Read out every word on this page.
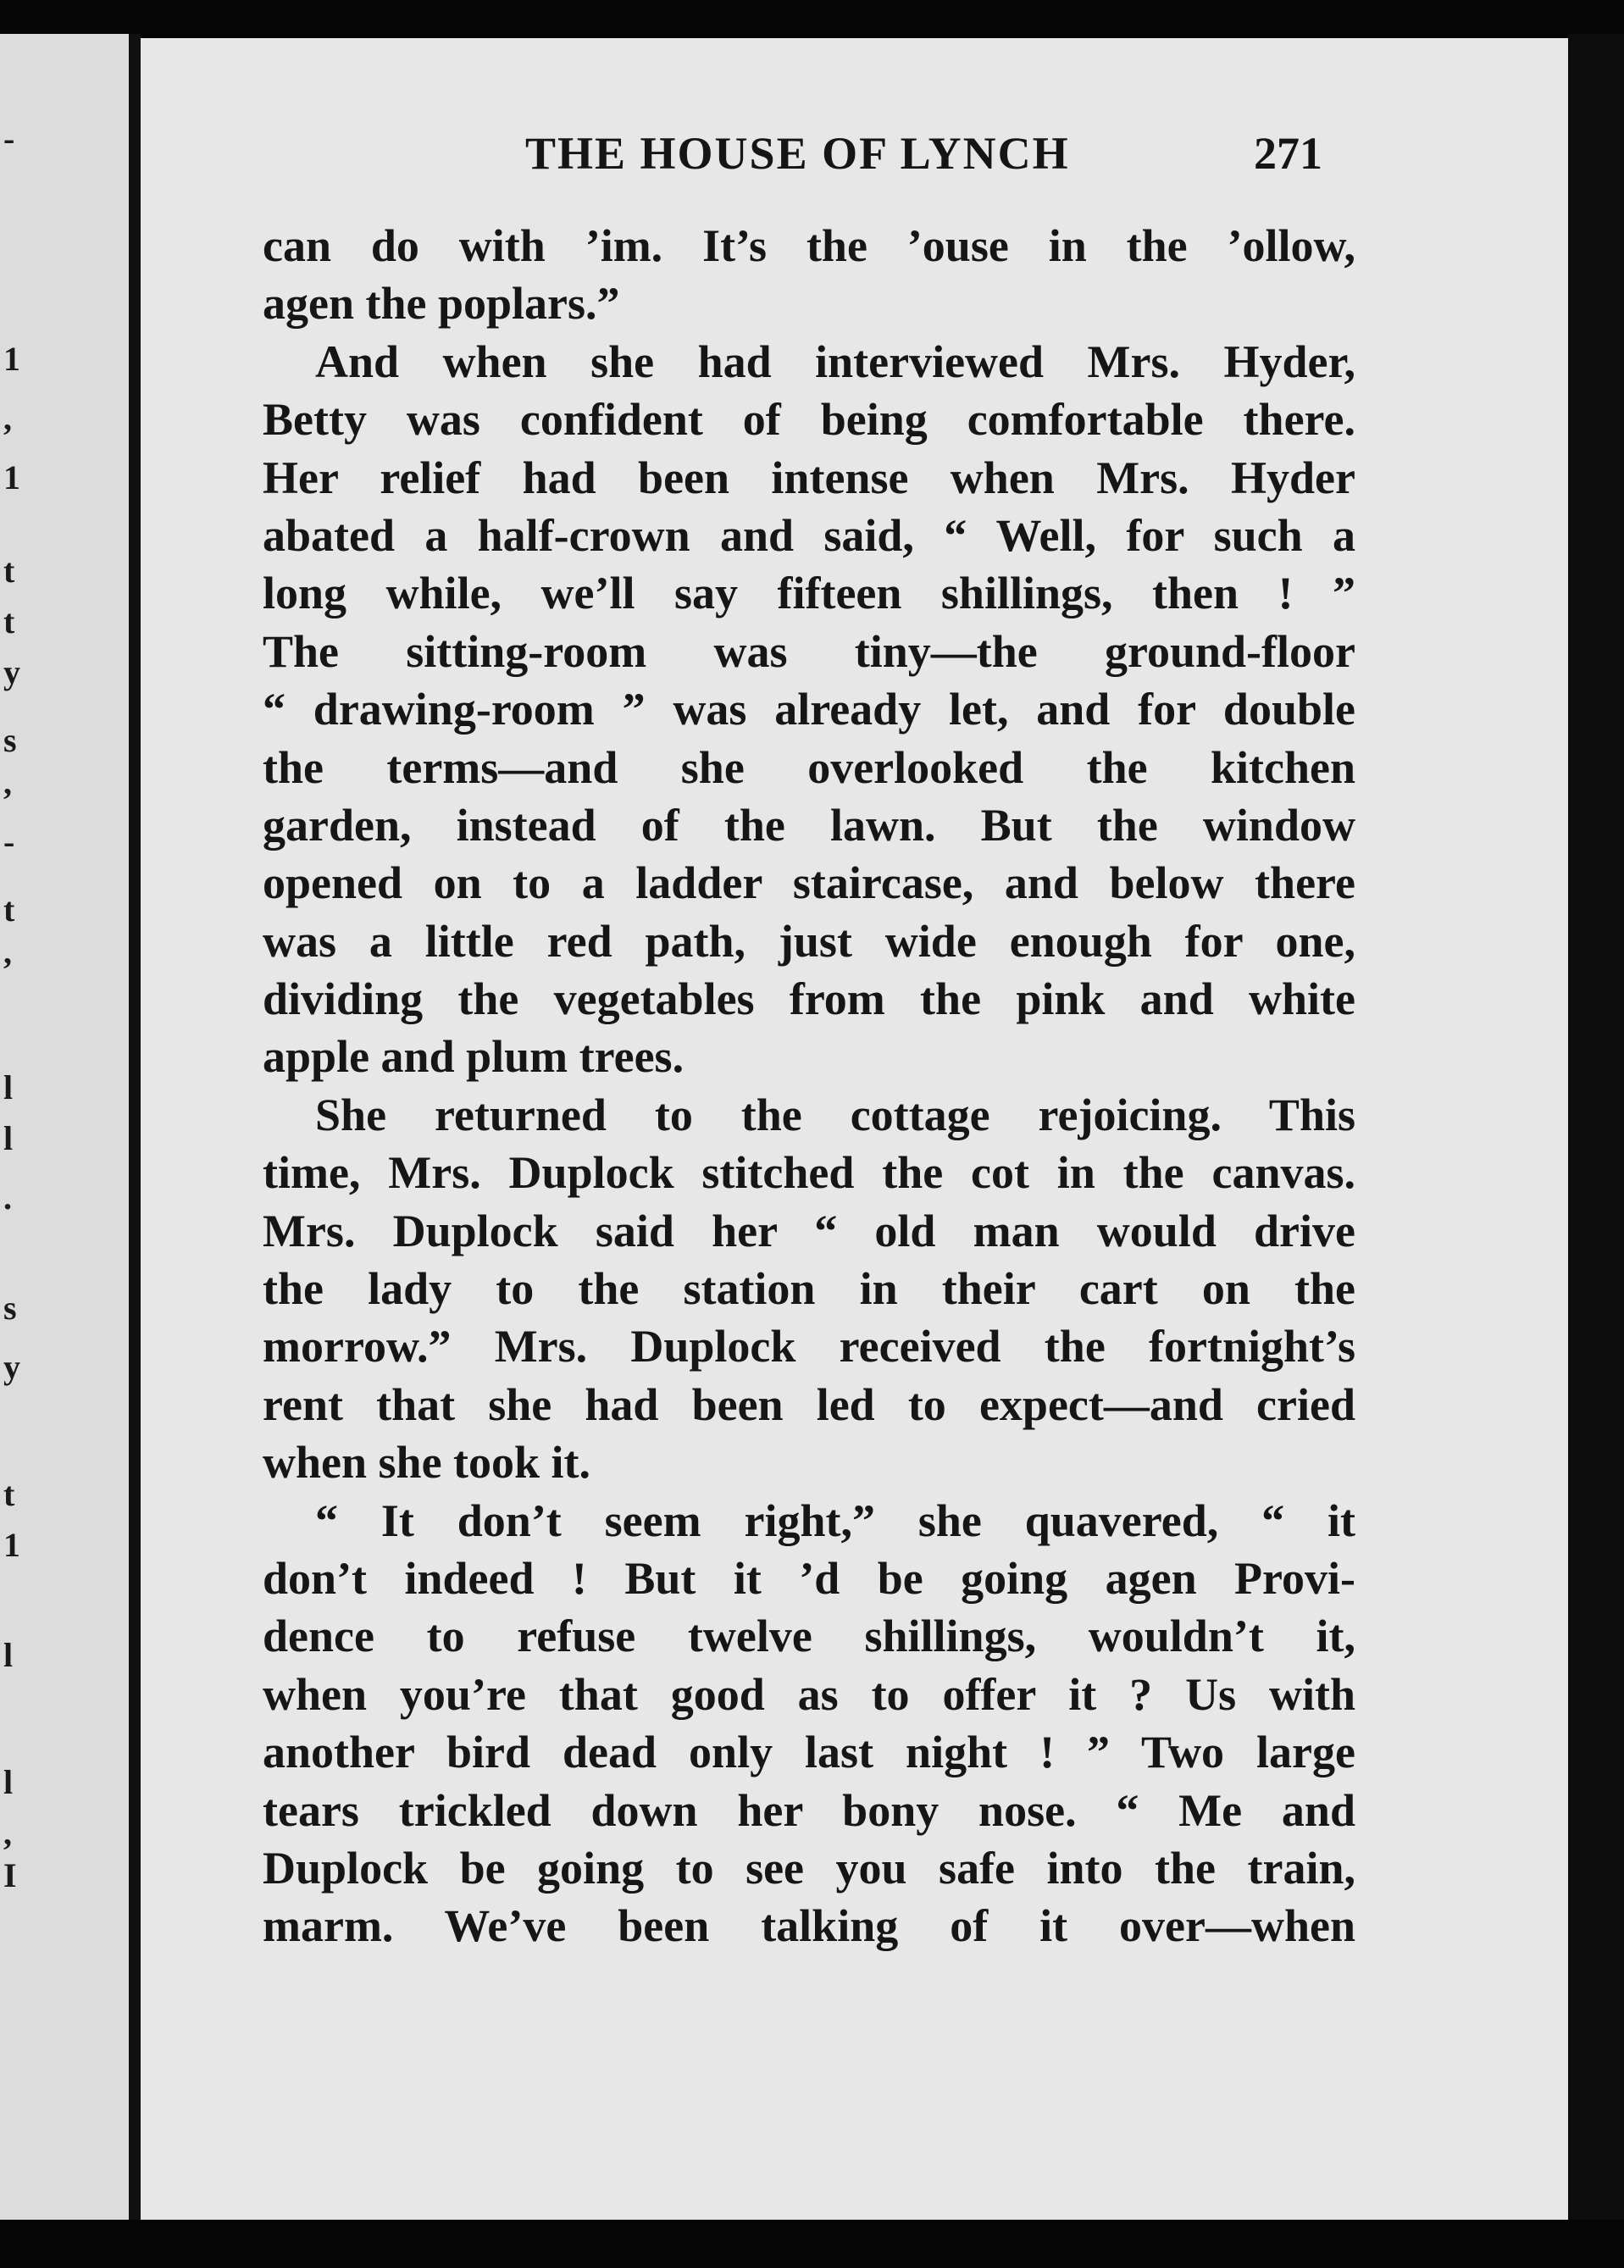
-
1
,
1
t
t
y
s
,
-
t
,
l
l
.
s
y
t
1
l
l
,
I
THE HOUSE OF LYNCH	271
can do with ’im. It’s the ’ouse in the ’ollow,
agen the poplars.”
And when she had interviewed Mrs. Hyder,
Betty was confident of being comfortable there.
Her relief had been intense when Mrs. Hyder
abated a half-crown and said, “ Well, for such a
long while, we’ll say fifteen shillings, then ! ”
The sitting-room was tiny—the ground-floor
“ drawing-room ” was already let, and for double
the terms—and she overlooked the kitchen
garden, instead of the lawn. But the window
opened on to a ladder staircase, and below there
was a little red path, just wide enough for one,
dividing the vegetables from the pink and white
apple and plum trees.
She returned to the cottage rejoicing. This
time, Mrs. Duplock stitched the cot in the canvas.
Mrs. Duplock said her “ old man would drive
the lady to the station in their cart on the
morrow.” Mrs. Duplock received the fortnight’s
rent that she had been led to expect—and cried
when she took it.
“ It don’t seem right,” she quavered, “ it
don’t indeed ! But it ’d be going agen Provi-
dence to refuse twelve shillings, wouldn’t it,
when you’re that good as to offer it ? Us with
another bird dead only last night ! ” Two large
tears trickled down her bony nose. “ Me and
Duplock be going to see you safe into the train,
marm. We’ve been talking of it over—when
